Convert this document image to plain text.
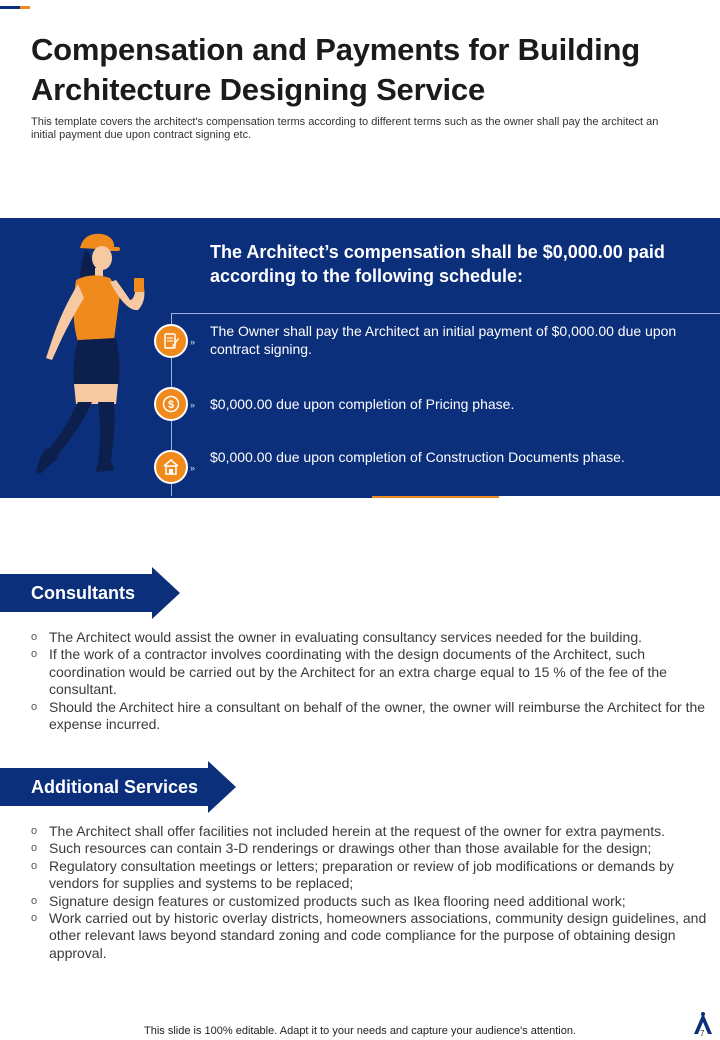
Compensation and Payments for Building Architecture Designing Service

This template covers the architect's compensation terms according to different terms such as the owner shall pay the architect an initial payment due upon contract signing etc.

The Architect’s compensation shall be $0,000.00 paid according to the following schedule:
»
The Owner shall pay the Architect an initial payment of $0,000.00 due upon contract signing.
$ »	$0,000.00 due upon completion of Pricing phase.
»
$0,000.00 due upon completion of Construction Documents phase.
Consultants
o The Architect would assist the owner in evaluating consultancy services needed for the building.
o If the work of a contractor involves coordinating with the design documents of the Architect, such coordination would be carried out by the Architect for an extra charge equal to 15 % of the fee of the consultant.
o Should the Architect hire a consultant on behalf of the owner, the owner will reimburse the Architect for the expense incurred.
Additional Services
o The Architect shall offer facilities not included herein at the request of the owner for extra payments.
o Such resources can contain 3-D renderings or drawings other than those available for the design;
o Regulatory consultation meetings or letters; preparation or review of job modifications or demands by vendors for supplies and systems to be replaced;
o Signature design features or customized products such as Ikea flooring need additional work;
o Work carried out by historic overlay districts, homeowners associations, community design guidelines, and other relevant laws beyond standard zoning and code compliance for the purpose of obtaining design approval.
This slide is 100% editable. Adapt it to your needs and capture your audience's attention.	7
